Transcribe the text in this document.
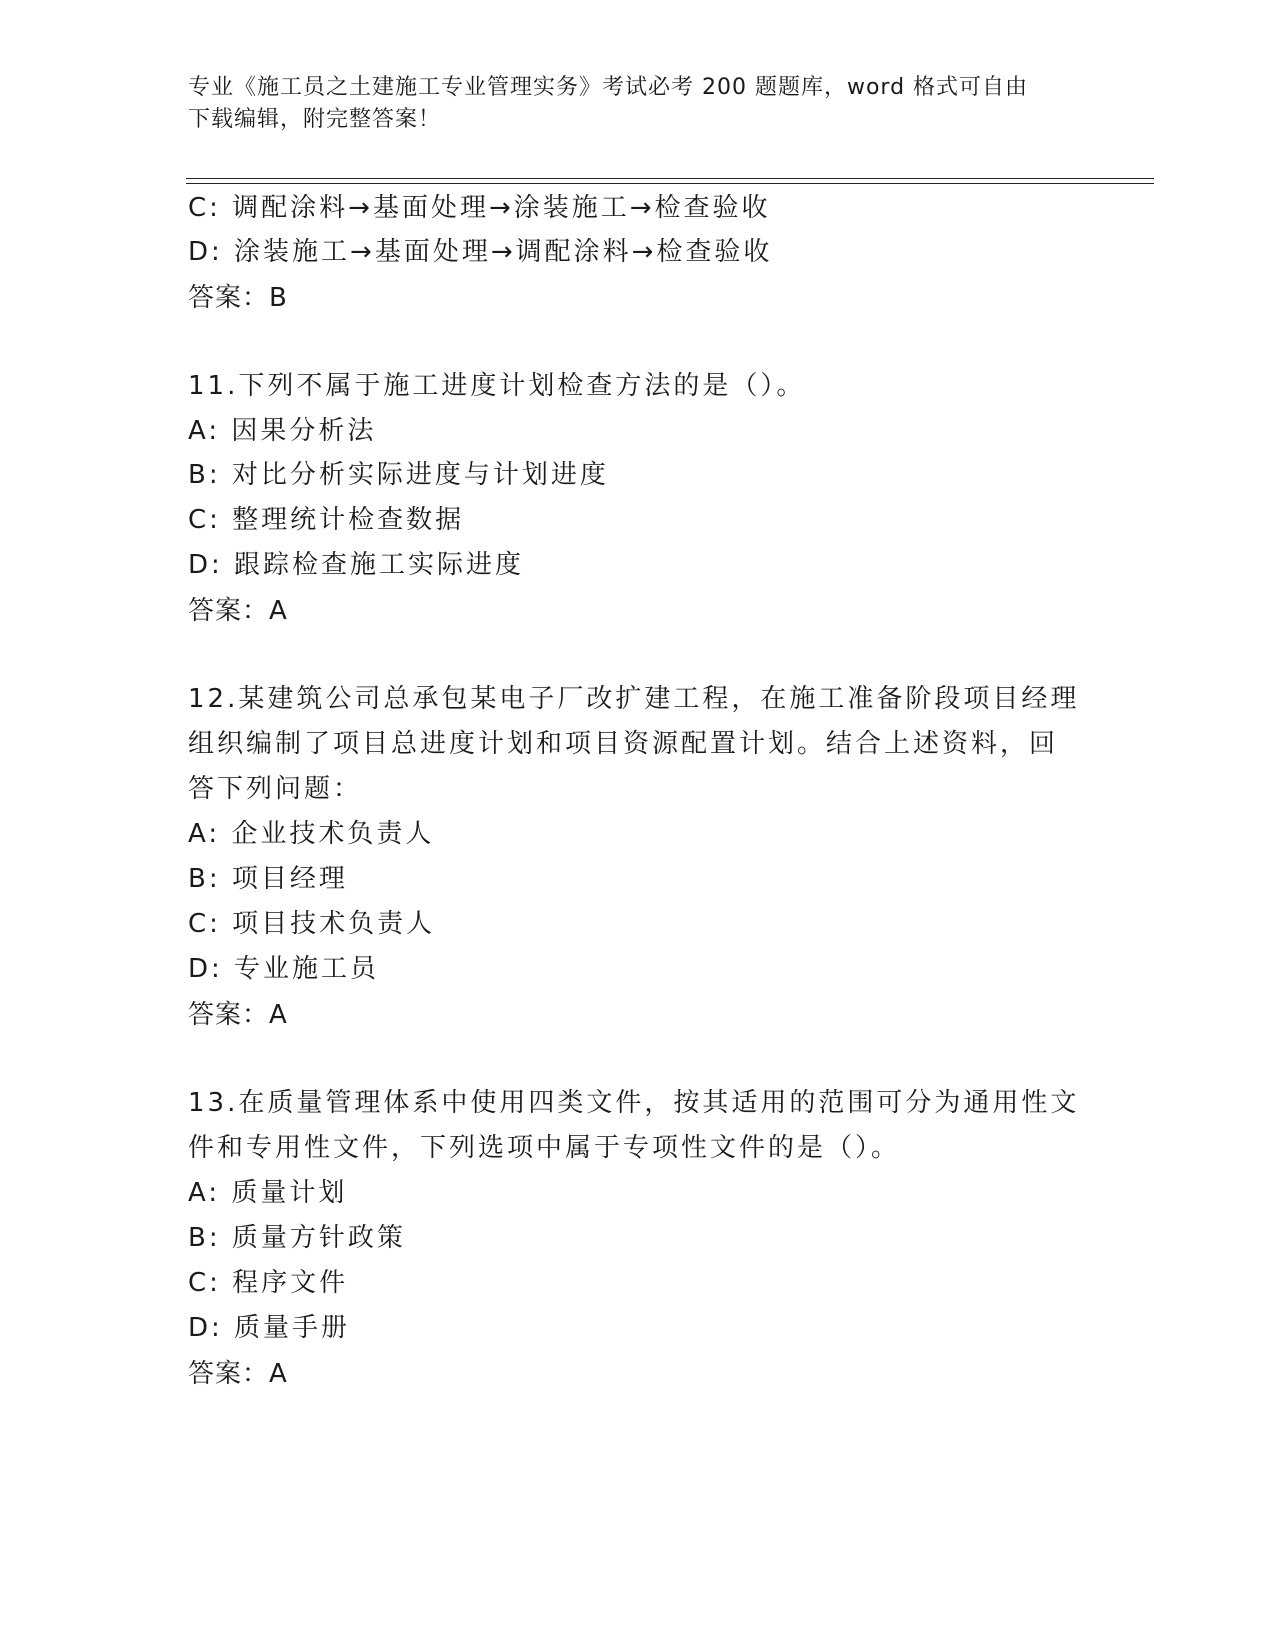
专业《施工员之土建施工专业管理实务》考试必考 200 题题库，word 格式可自由
下载编辑，附完整答案！
C: 调配涂料→基面处理→涂装施工→检查验收
D: 涂装施工→基面处理→调配涂料→检查验收
答案：B
11.下列不属于施工进度计划检查方法的是（）。
A: 因果分析法
B: 对比分析实际进度与计划进度
C: 整理统计检查数据
D: 跟踪检查施工实际进度
答案：A
12.某建筑公司总承包某电子厂改扩建工程，在施工准备阶段项目经理
组织编制了项目总进度计划和项目资源配置计划。结合上述资料，回
答下列问题：
A: 企业技术负责人
B: 项目经理
C: 项目技术负责人
D: 专业施工员
答案：A
13.在质量管理体系中使用四类文件，按其适用的范围可分为通用性文
件和专用性文件，下列选项中属于专项性文件的是（）。
A: 质量计划
B: 质量方针政策
C: 程序文件
D: 质量手册
答案：A
